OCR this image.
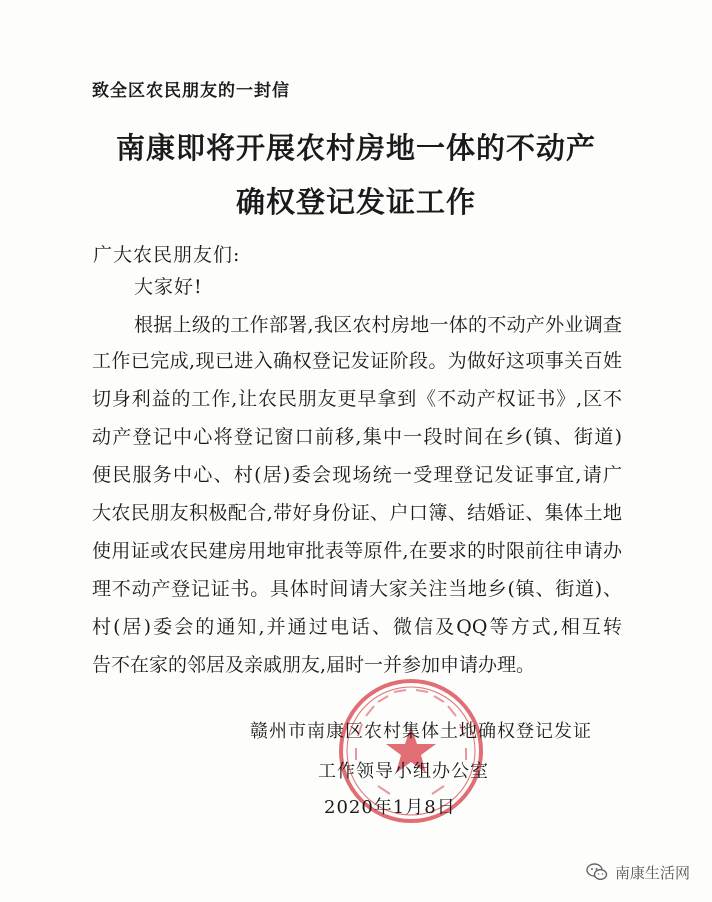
致全区农民朋友的一封信
南康即将开展农村房地一体的不动产
确权登记发证工作
广大农民朋友们:
大家好!
根据上级的工作部署,我区农村房地一体的不动产外业调查
工作已完成,现已进入确权登记发证阶段。为做好这项事关百姓
切身利益的工作,让农民朋友更早拿到《不动产权证书》,区不
动产登记中心将登记窗口前移,集中一段时间在乡(镇、街道)
便民服务中心、村(居)委会现场统一受理登记发证事宜,请广
大农民朋友积极配合,带好身份证、户口簿、结婚证、集体土地
使用证或农民建房用地审批表等原件,在要求的时限前往申请办
理不动产登记证书。具体时间请大家关注当地乡(镇、街道)、
村(居)委会的通知,并通过电话、微信及QQ等方式,相互转
告不在家的邻居及亲戚朋友,届时一并参加申请办理。
赣州市南康区农村集体土地确权登记发证
工作领导小组办公室
2020年1月8日
南康生活网
